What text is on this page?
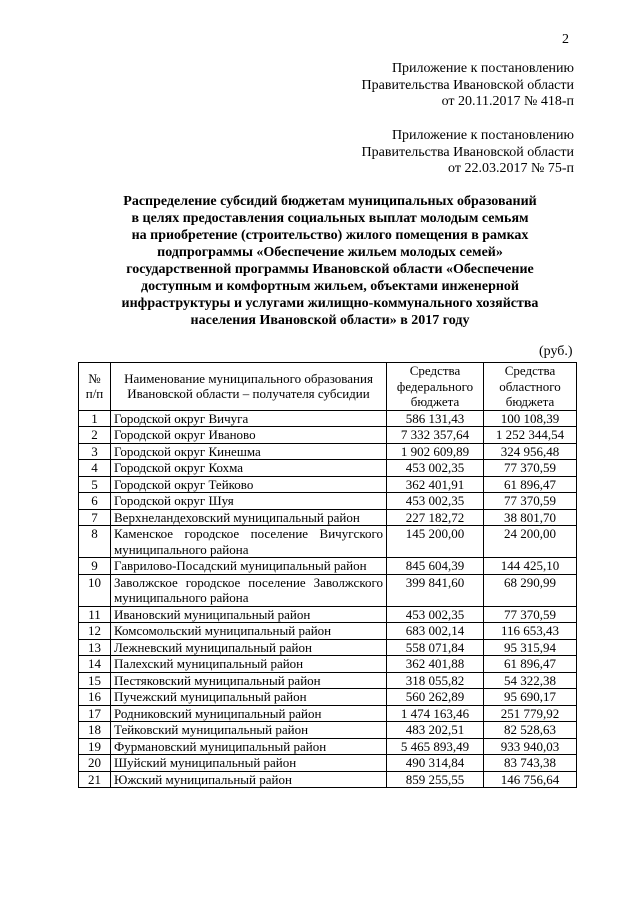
2
Приложение к постановлению
Правительства Ивановской области
от 20.11.2017 № 418-п
Приложение к постановлению
Правительства Ивановской области
от 22.03.2017 № 75-п
Распределение субсидий бюджетам муниципальных образований
в целях предоставления социальных выплат молодым семьям
на приобретение (строительство) жилого помещения в рамках
подпрограммы «Обеспечение жильем молодых семей»
государственной программы Ивановской области «Обеспечение
доступным и комфортным жильем, объектами инженерной
инфраструктуры и услугами жилищно-коммунального хозяйства
населения Ивановской области» в 2017 году
(руб.)
№ п/п	Наименование муниципального образования Ивановской области – получателя субсидии	Средства федерального бюджета	Средства областного бюджета
1	Городской округ Вичуга	586 131,43	100 108,39
2	Городской округ Иваново	7 332 357,64	1 252 344,54
3	Городской округ Кинешма	1 902 609,89	324 956,48
4	Городской округ Кохма	453 002,35	77 370,59
5	Городской округ Тейково	362 401,91	61 896,47
6	Городской округ Шуя	453 002,35	77 370,59
7	Верхнеландеховский муниципальный район	227 182,72	38 801,70
8	Каменское городское поселение Вичугского муниципального района	145 200,00	24 200,00
9	Гаврилово-Посадский муниципальный район	845 604,39	144 425,10
10	Заволжское городское поселение Заволжского муниципального района	399 841,60	68 290,99
11	Ивановский муниципальный район	453 002,35	77 370,59
12	Комсомольский муниципальный район	683 002,14	116 653,43
13	Лежневский муниципальный район	558 071,84	95 315,94
14	Палехский муниципальный район	362 401,88	61 896,47
15	Пестяковский муниципальный район	318 055,82	54 322,38
16	Пучежский муниципальный район	560 262,89	95 690,17
17	Родниковский муниципальный район	1 474 163,46	251 779,92
18	Тейковский муниципальный район	483 202,51	82 528,63
19	Фурмановский муниципальный район	5 465 893,49	933 940,03
20	Шуйский муниципальный район	490 314,84	83 743,38
21	Южский муниципальный район	859 255,55	146 756,64
